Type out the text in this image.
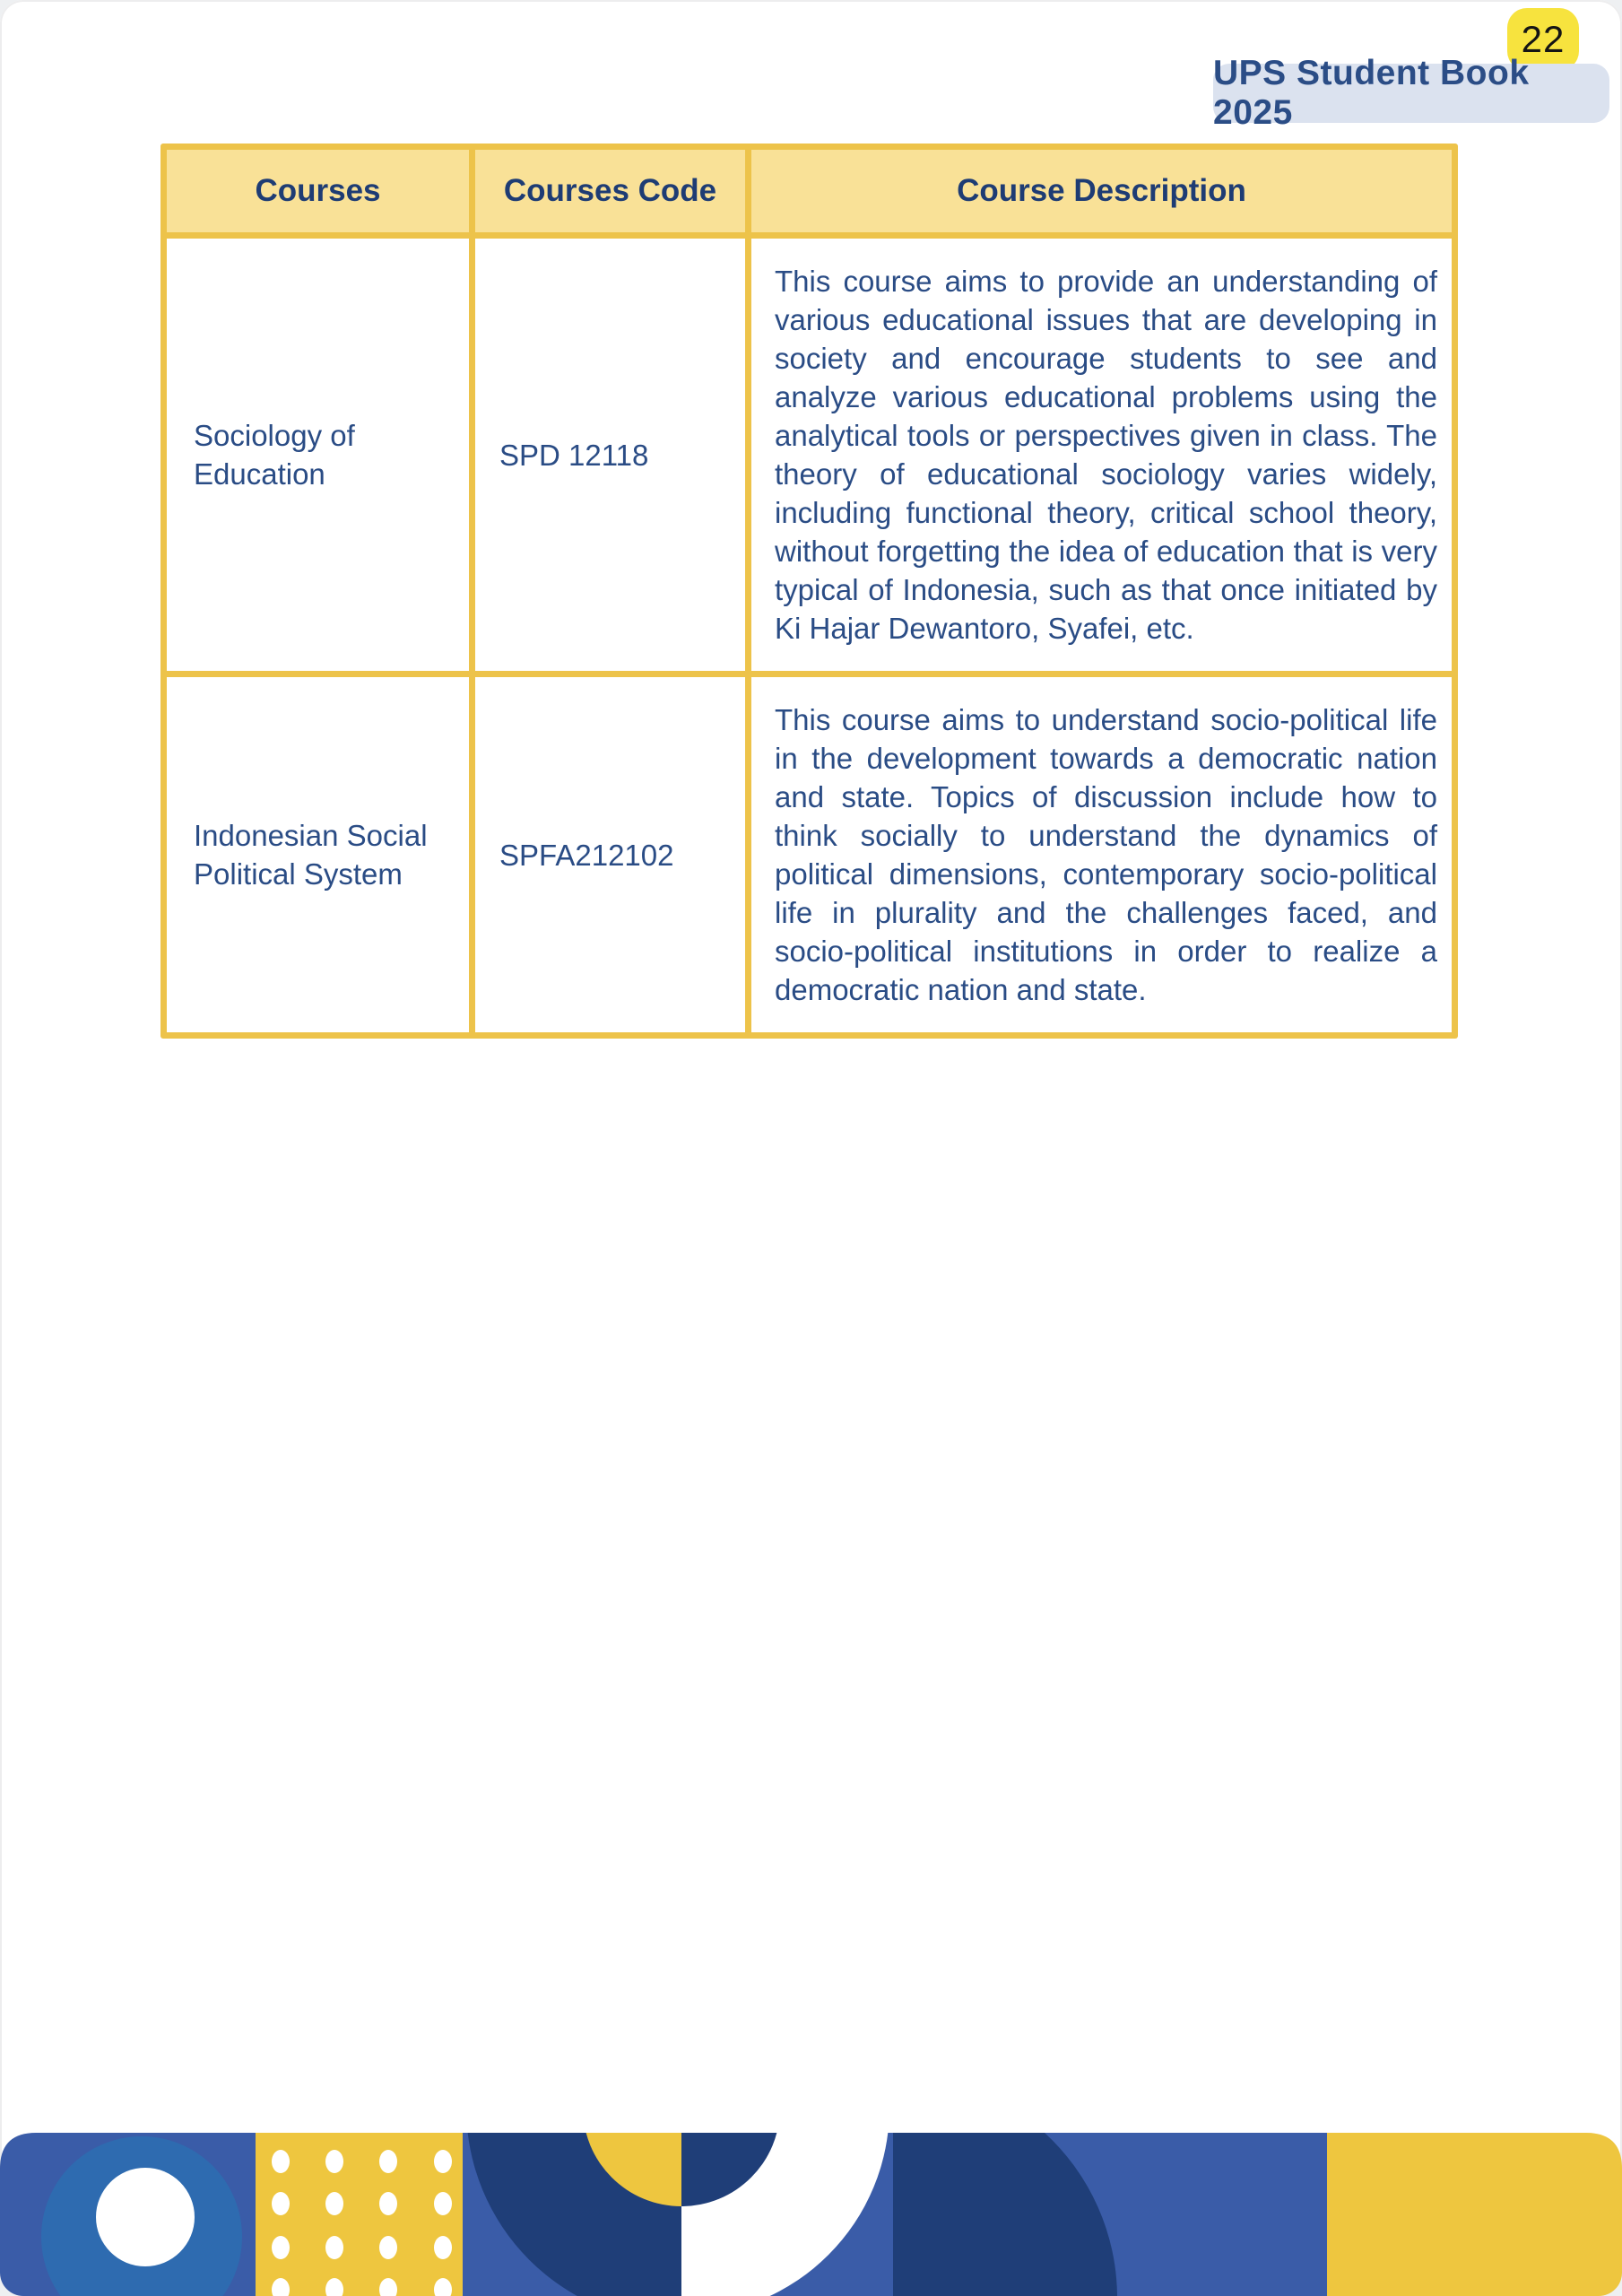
22
UPS Student Book 2025
Courses	Courses Code	Course Description
Sociology of Education	SPD 12118	This course aims to provide an understanding of various educational issues that are developing in society and encourage students to see and analyze various educational problems using the analytical tools or perspectives given in class. The theory of educational sociology varies widely, including functional theory, critical school theory, without forgetting the idea of education that is very typical of Indonesia, such as that once initiated by Ki Hajar Dewantoro, Syafei, etc.
Indonesian Social Political System	SPFA212102	This course aims to understand socio-political life in the development towards a democratic nation and state. Topics of discussion include how to think socially to understand the dynamics of political dimensions, contemporary socio-political life in plurality and the challenges faced, and socio-political institutions in order to realize a democratic nation and state.
